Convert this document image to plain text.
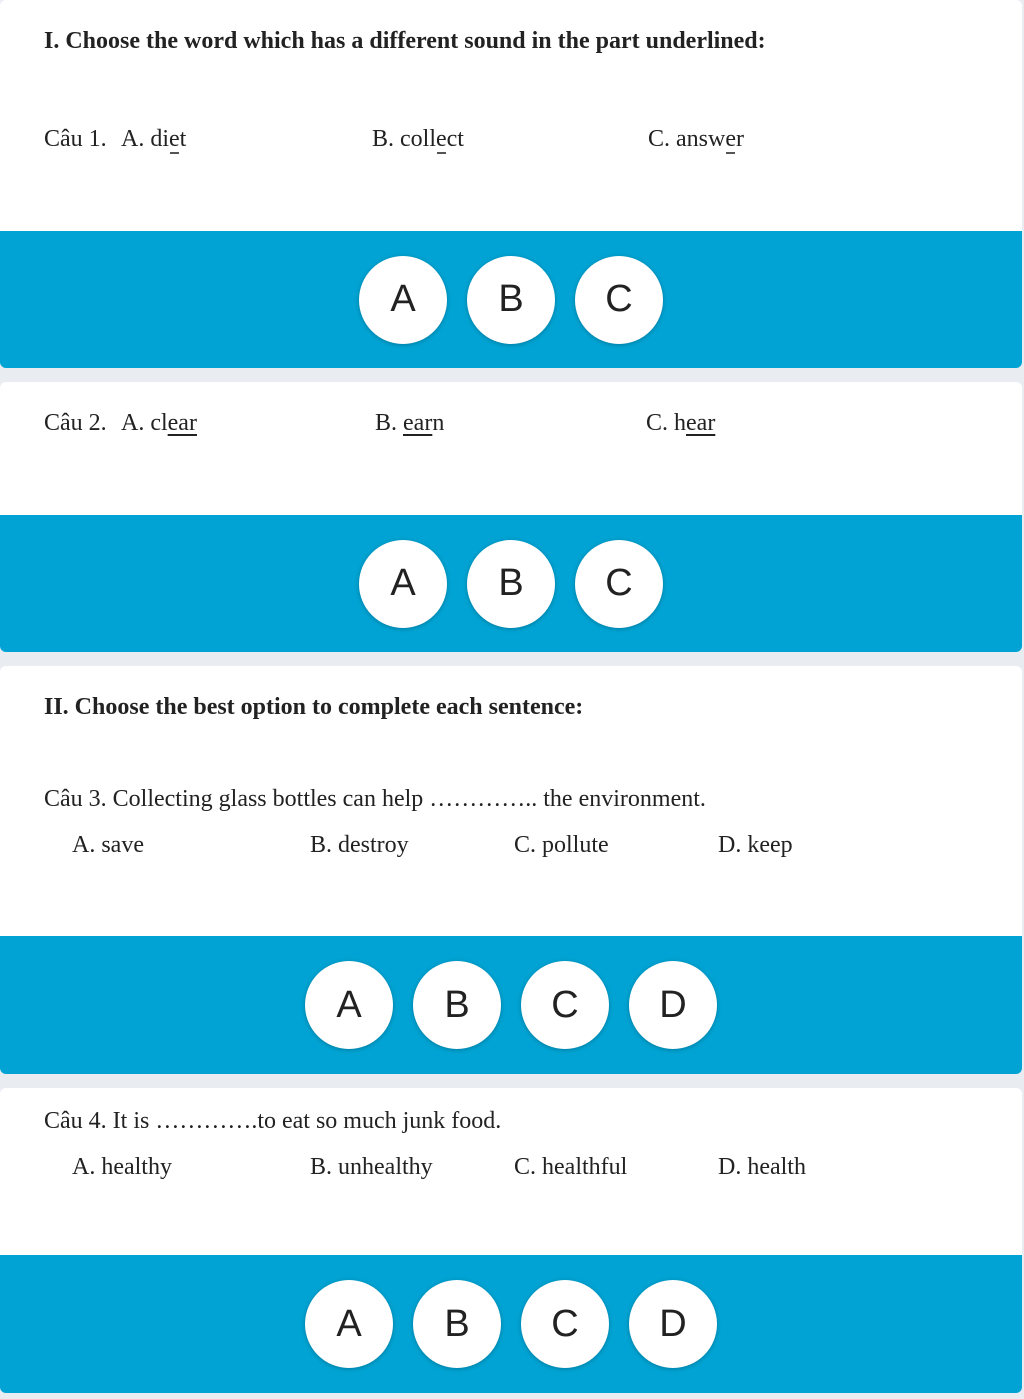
I. Choose the word which has a different sound in the part underlined:
Câu 1. A. diet	B. collect	C. answer
A	B	C
Câu 2. A. clear	B. earn	C. hear
A	B	C
II. Choose the best option to complete each sentence:
Câu 3. Collecting glass bottles can help ………….. the environment.
A. save	B. destroy	C. pollute	D. keep
A	B	C	D
Câu 4. It is ………….to eat so much junk food.
A. healthy	B. unhealthy	C. healthful	D. health
A	B	C	D
